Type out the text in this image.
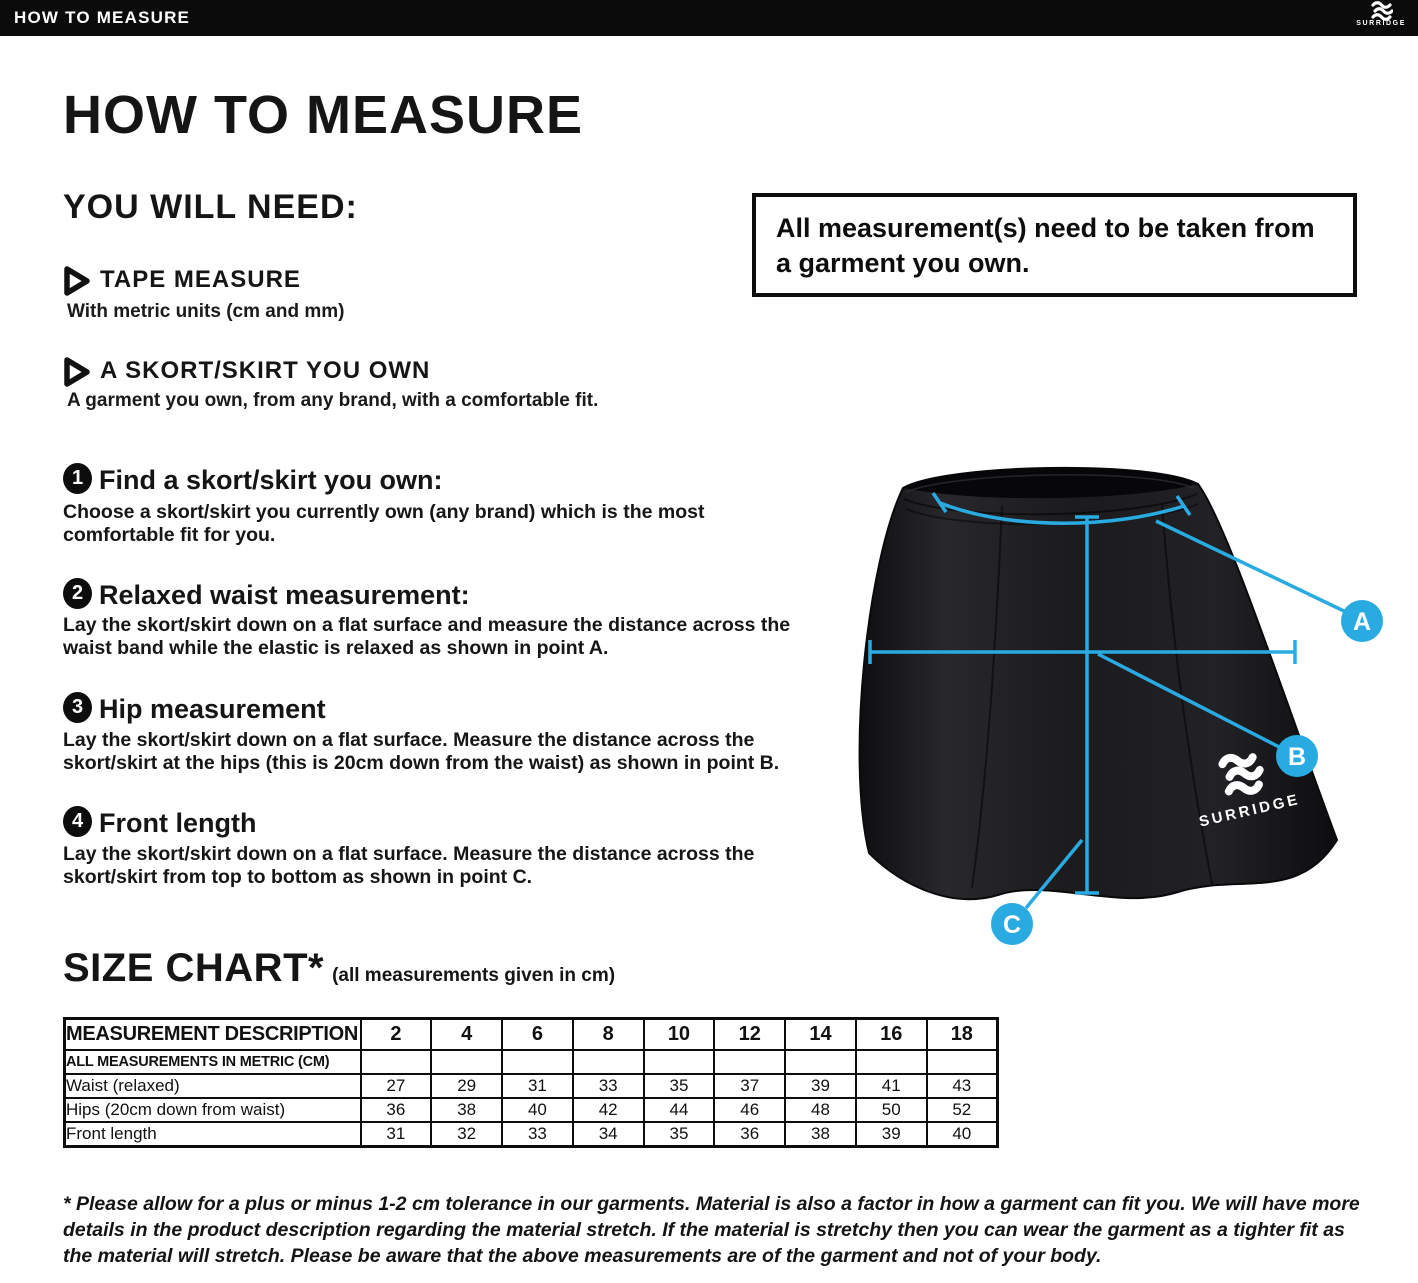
HOW TO MEASURE	SURRIDGE
HOW TO MEASURE
YOU WILL NEED:
All measurement(s) need to be taken from a garment you own.
TAPE MEASURE
With metric units (cm and mm)
A SKORT/SKIRT YOU OWN
A garment you own, from any brand, with a comfortable fit.
1 Find a skort/skirt you own:
Choose a skort/skirt you currently own (any brand) which is the most comfortable fit for you.
2 Relaxed waist measurement:
Lay the skort/skirt down on a flat surface and measure the distance across the waist band while the elastic is relaxed as shown in point A.
3 Hip measurement
Lay the skort/skirt down on a flat surface. Measure the distance across the skort/skirt at the hips (this is 20cm down from the waist) as shown in point B.
4 Front length
Lay the skort/skirt down on a flat surface. Measure the distance across the skort/skirt from top to bottom as shown in point C.
SURRIDGE
A
B
C
SIZE CHART* (all measurements given in cm)
MEASUREMENT DESCRIPTION	2	4	6	8	10	12	14	16	18
ALL MEASUREMENTS IN METRIC (CM)									
Waist (relaxed)	27	29	31	33	35	37	39	41	43
Hips (20cm down from waist)	36	38	40	42	44	46	48	50	52
Front length	31	32	33	34	35	36	38	39	40
* Please allow for a plus or minus 1-2 cm tolerance in our garments. Material is also a factor in how a garment can fit you. We will have more details in the product description regarding the material stretch. If the material is stretchy then you can wear the garment as a tighter fit as the material will stretch. Please be aware that the above measurements are of the garment and not of your body.
